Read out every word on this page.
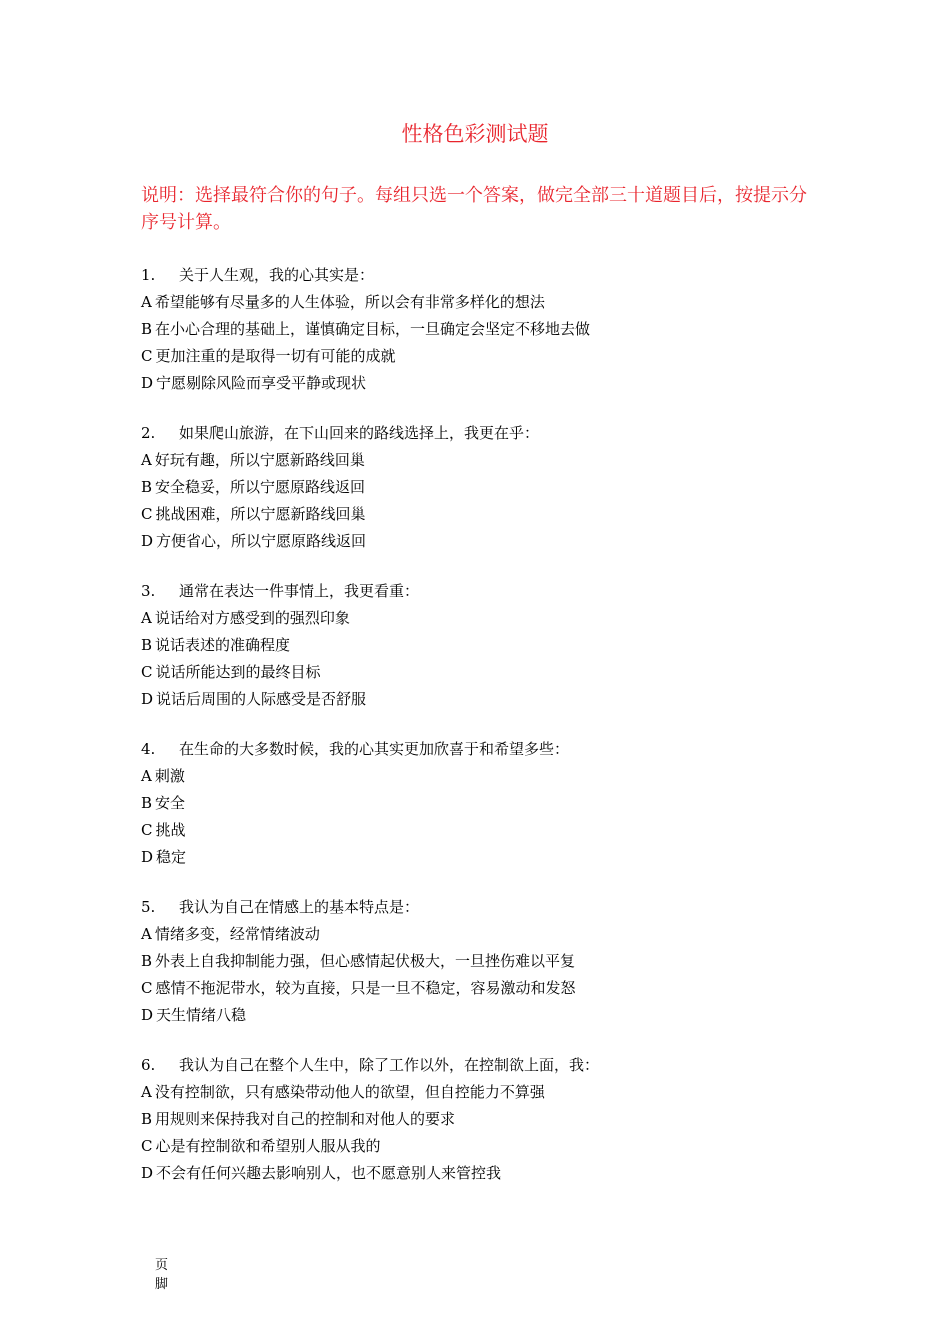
性格色彩测试题
说明：选择最符合你的句子。每组只选一个答案，做完全部三十道题目后，按提示分序号计算。
1. 关于人生观，我的心其实是：
A 希望能够有尽量多的人生体验，所以会有非常多样化的想法
B 在小心合理的基础上，谨慎确定目标，一旦确定会坚定不移地去做
C 更加注重的是取得一切有可能的成就
D 宁愿剔除风险而享受平静或现状
2. 如果爬山旅游，在下山回来的路线选择上，我更在乎：
A 好玩有趣，所以宁愿新路线回巢
B 安全稳妥，所以宁愿原路线返回
C 挑战困难，所以宁愿新路线回巢
D 方便省心，所以宁愿原路线返回
3. 通常在表达一件事情上，我更看重：
A 说话给对方感受到的强烈印象
B 说话表述的准确程度
C 说话所能达到的最终目标
D 说话后周围的人际感受是否舒服
4. 在生命的大多数时候，我的心其实更加欣喜于和希望多些：
A 刺激
B 安全
C 挑战
D 稳定
5. 我认为自己在情感上的基本特点是：
A 情绪多变，经常情绪波动
B 外表上自我抑制能力强，但心感情起伏极大，一旦挫伤难以平复
C 感情不拖泥带水，较为直接，只是一旦不稳定，容易激动和发怒
D 天生情绪八稳
6. 我认为自己在整个人生中，除了工作以外，在控制欲上面，我：
A 没有控制欲，只有感染带动他人的欲望，但自控能力不算强
B 用规则来保持我对自己的控制和对他人的要求
C 心是有控制欲和希望别人服从我的
D 不会有任何兴趣去影响别人，也不愿意别人来管控我
页脚
